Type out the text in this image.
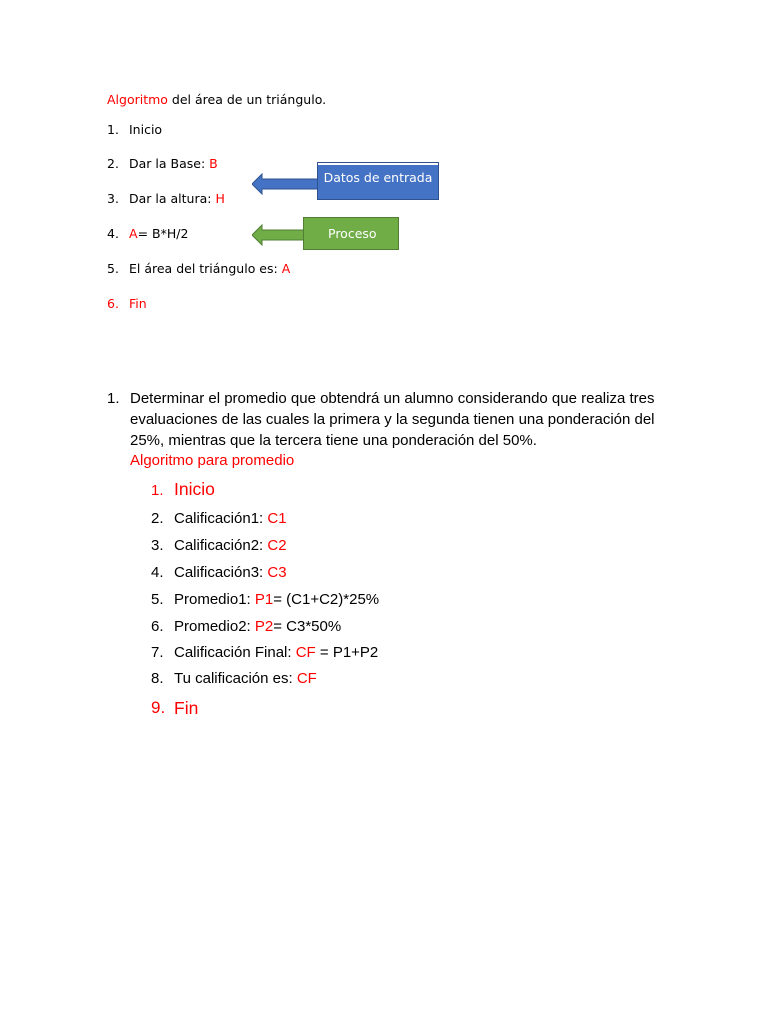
Algoritmo del área de un triángulo.
1. Inicio
2. Dar la Base: B
3. Dar la altura: H
4. A= B*H/2
5. El área del triángulo es: A
6. Fin
Datos de entrada
Proceso
1. Determinar el promedio que obtendrá un alumno considerando que realiza tres
evaluaciones de las cuales la primera y la segunda tienen una ponderación del
25%, mientras que la tercera tiene una ponderación del 50%.
Algoritmo para promedio
1. Inicio
2. Calificación1: C1
3. Calificación2: C2
4. Calificación3: C3
5. Promedio1: P1= (C1+C2)*25%
6. Promedio2: P2= C3*50%
7. Calificación Final: CF = P1+P2
8. Tu calificación es: CF
9. Fin
